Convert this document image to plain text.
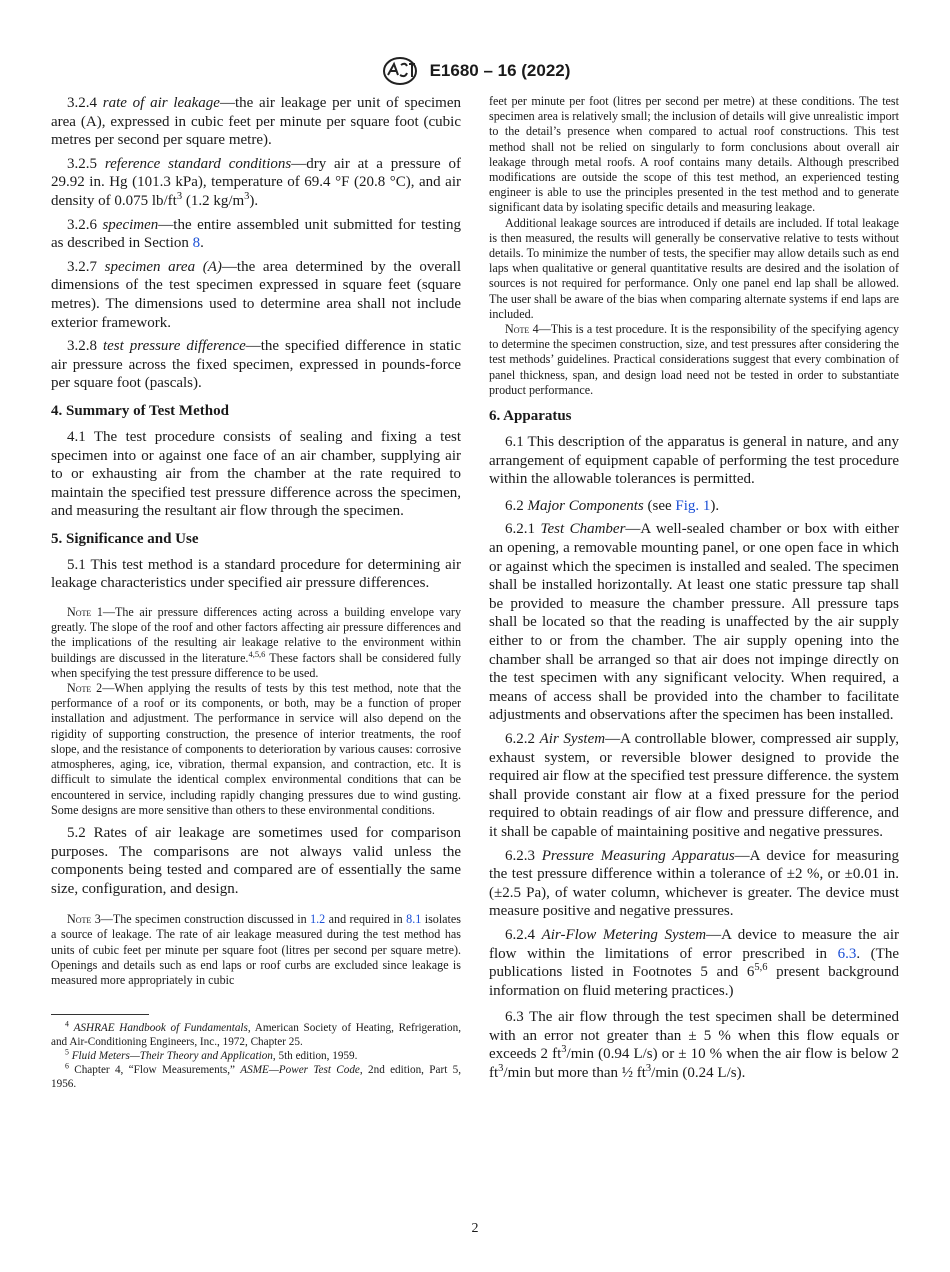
E1680 – 16 (2022)

3.2.4 rate of air leakage—the air leakage per unit of specimen area (A), expressed in cubic feet per minute per square foot (cubic metres per second per square metre).

3.2.5 reference standard conditions—dry air at a pressure of 29.92 in. Hg (101.3 kPa), temperature of 69.4 °F (20.8 °C), and air density of 0.075 $lb/ft^3$ (1.2 $kg/m^3$).

3.2.6 specimen—the entire assembled unit submitted for testing as described in Section 8.

3.2.7 specimen area (A)—the area determined by the overall dimensions of the test specimen expressed in square feet (square metres). The dimensions used to determine area shall not include exterior framework.

3.2.8 test pressure difference—the specified difference in static air pressure across the fixed specimen, expressed in pounds-force per square foot (pascals).

4. Summary of Test Method

4.1 The test procedure consists of sealing and fixing a test specimen into or against one face of an air chamber, supplying air to or exhausting air from the chamber at the rate required to maintain the specified test pressure difference across the specimen, and measuring the resultant air flow through the specimen.

5. Significance and Use

5.1 This test method is a standard procedure for determining air leakage characteristics under specified air pressure differences.

Note 1—The air pressure differences acting across a building envelope vary greatly. The slope of the roof and other factors affecting air pressure differences and the implications of the resulting air leakage relative to the environment within buildings are discussed in the literature.$^{4,5,6}$ These factors shall be considered fully when specifying the test pressure difference to be used.

Note 2—When applying the results of tests by this test method, note that the performance of a roof or its components, or both, may be a function of proper installation and adjustment. The performance in service will also depend on the rigidity of supporting construction, the presence of interior treatments, the roof slope, and the resistance of components to deterioration by various causes: corrosive atmospheres, aging, ice, vibration, thermal expansion, and contraction, etc. It is difficult to simulate the identical complex environmental conditions that can be encountered in service, including rapidly changing pressures due to wind gusting. Some designs are more sensitive than others to these environmental conditions.

5.2 Rates of air leakage are sometimes used for comparison purposes. The comparisons are not always valid unless the components being tested and compared are of essentially the same size, configuration, and design.

Note 3—The specimen construction discussed in 1.2 and required in 8.1 isolates a source of leakage. The rate of air leakage measured during the test method has units of cubic feet per minute per square foot (litres per second per square metre). Openings and details such as end laps or roof curbs are excluded since leakage is measured more appropriately in cubic

$^4$ ASHRAE Handbook of Fundamentals, American Society of Heating, Refrigeration, and Air-Conditioning Engineers, Inc., 1972, Chapter 25.

$^5$ Fluid Meters—Their Theory and Application, 5th edition, 1959.

$^6$ Chapter 4, “Flow Measurements,” ASME—Power Test Code, 2nd edition, Part 5, 1956.

feet per minute per foot (litres per second per metre) at these conditions. The test specimen area is relatively small; the inclusion of details will give unrealistic import to the detail’s presence when compared to actual roof constructions. This test method shall not be relied on singularly to form conclusions about overall air leakage through metal roofs. A roof contains many details. Although prescribed modifications are outside the scope of this test method, an experienced testing engineer is able to use the principles presented in the test method and to generate significant data by isolating specific details and measuring leakage.

Additional leakage sources are introduced if details are included. If total leakage is then measured, the results will generally be conservative relative to tests without details. To minimize the number of tests, the specifier may allow details such as end laps when qualitative or general quantitative results are desired and the isolation of sources is not required for performance. Only one panel end lap shall be allowed. The user shall be aware of the bias when comparing alternate systems if end laps are included.

Note 4—This is a test procedure. It is the responsibility of the specifying agency to determine the specimen construction, size, and test pressures after considering the test methods’ guidelines. Practical considerations suggest that every combination of panel thickness, span, and design load need not be tested in order to substantiate product performance.

6. Apparatus

6.1 This description of the apparatus is general in nature, and any arrangement of equipment capable of performing the test procedure within the allowable tolerances is permitted.

6.2 Major Components (see Fig. 1).

6.2.1 Test Chamber—A well-sealed chamber or box with either an opening, a removable mounting panel, or one open face in which or against which the specimen is installed and sealed. The specimen shall be installed horizontally. At least one static pressure tap shall be provided to measure the chamber pressure. All pressure taps shall be located so that the reading is unaffected by the air supply either to or from the chamber. The air supply opening into the chamber shall be arranged so that air does not impinge directly on the test specimen with any significant velocity. When required, a means of access shall be provided into the chamber to facilitate adjustments and observations after the specimen has been installed.

6.2.2 Air System—A controllable blower, compressed air supply, exhaust system, or reversible blower designed to provide the required air flow at the specified test pressure difference. the system shall provide constant air flow at a fixed pressure for the period required to obtain readings of air flow and pressure difference, and it shall be capable of maintaining positive and negative pressures.

6.2.3 Pressure Measuring Apparatus—A device for measuring the test pressure difference within a tolerance of ±2 %, or ±0.01 in. (±2.5 Pa), of water column, whichever is greater. The device must measure positive and negative pressures.

6.2.4 Air-Flow Metering System—A device to measure the air flow within the limitations of error prescribed in 6.3. (The publications listed in Footnotes 5 and 6$^{5,6}$ present background information on fluid metering practices.)

6.3 The air flow through the test specimen shall be determined with an error not greater than ± 5 % when this flow equals or exceeds 2 $ft^3/\min$ (0.94 L/s) or ± 10 % when the air flow is below 2 $ft^3/\min$ but more than ½ $ft^3/\min$ (0.24 L/s).

2
